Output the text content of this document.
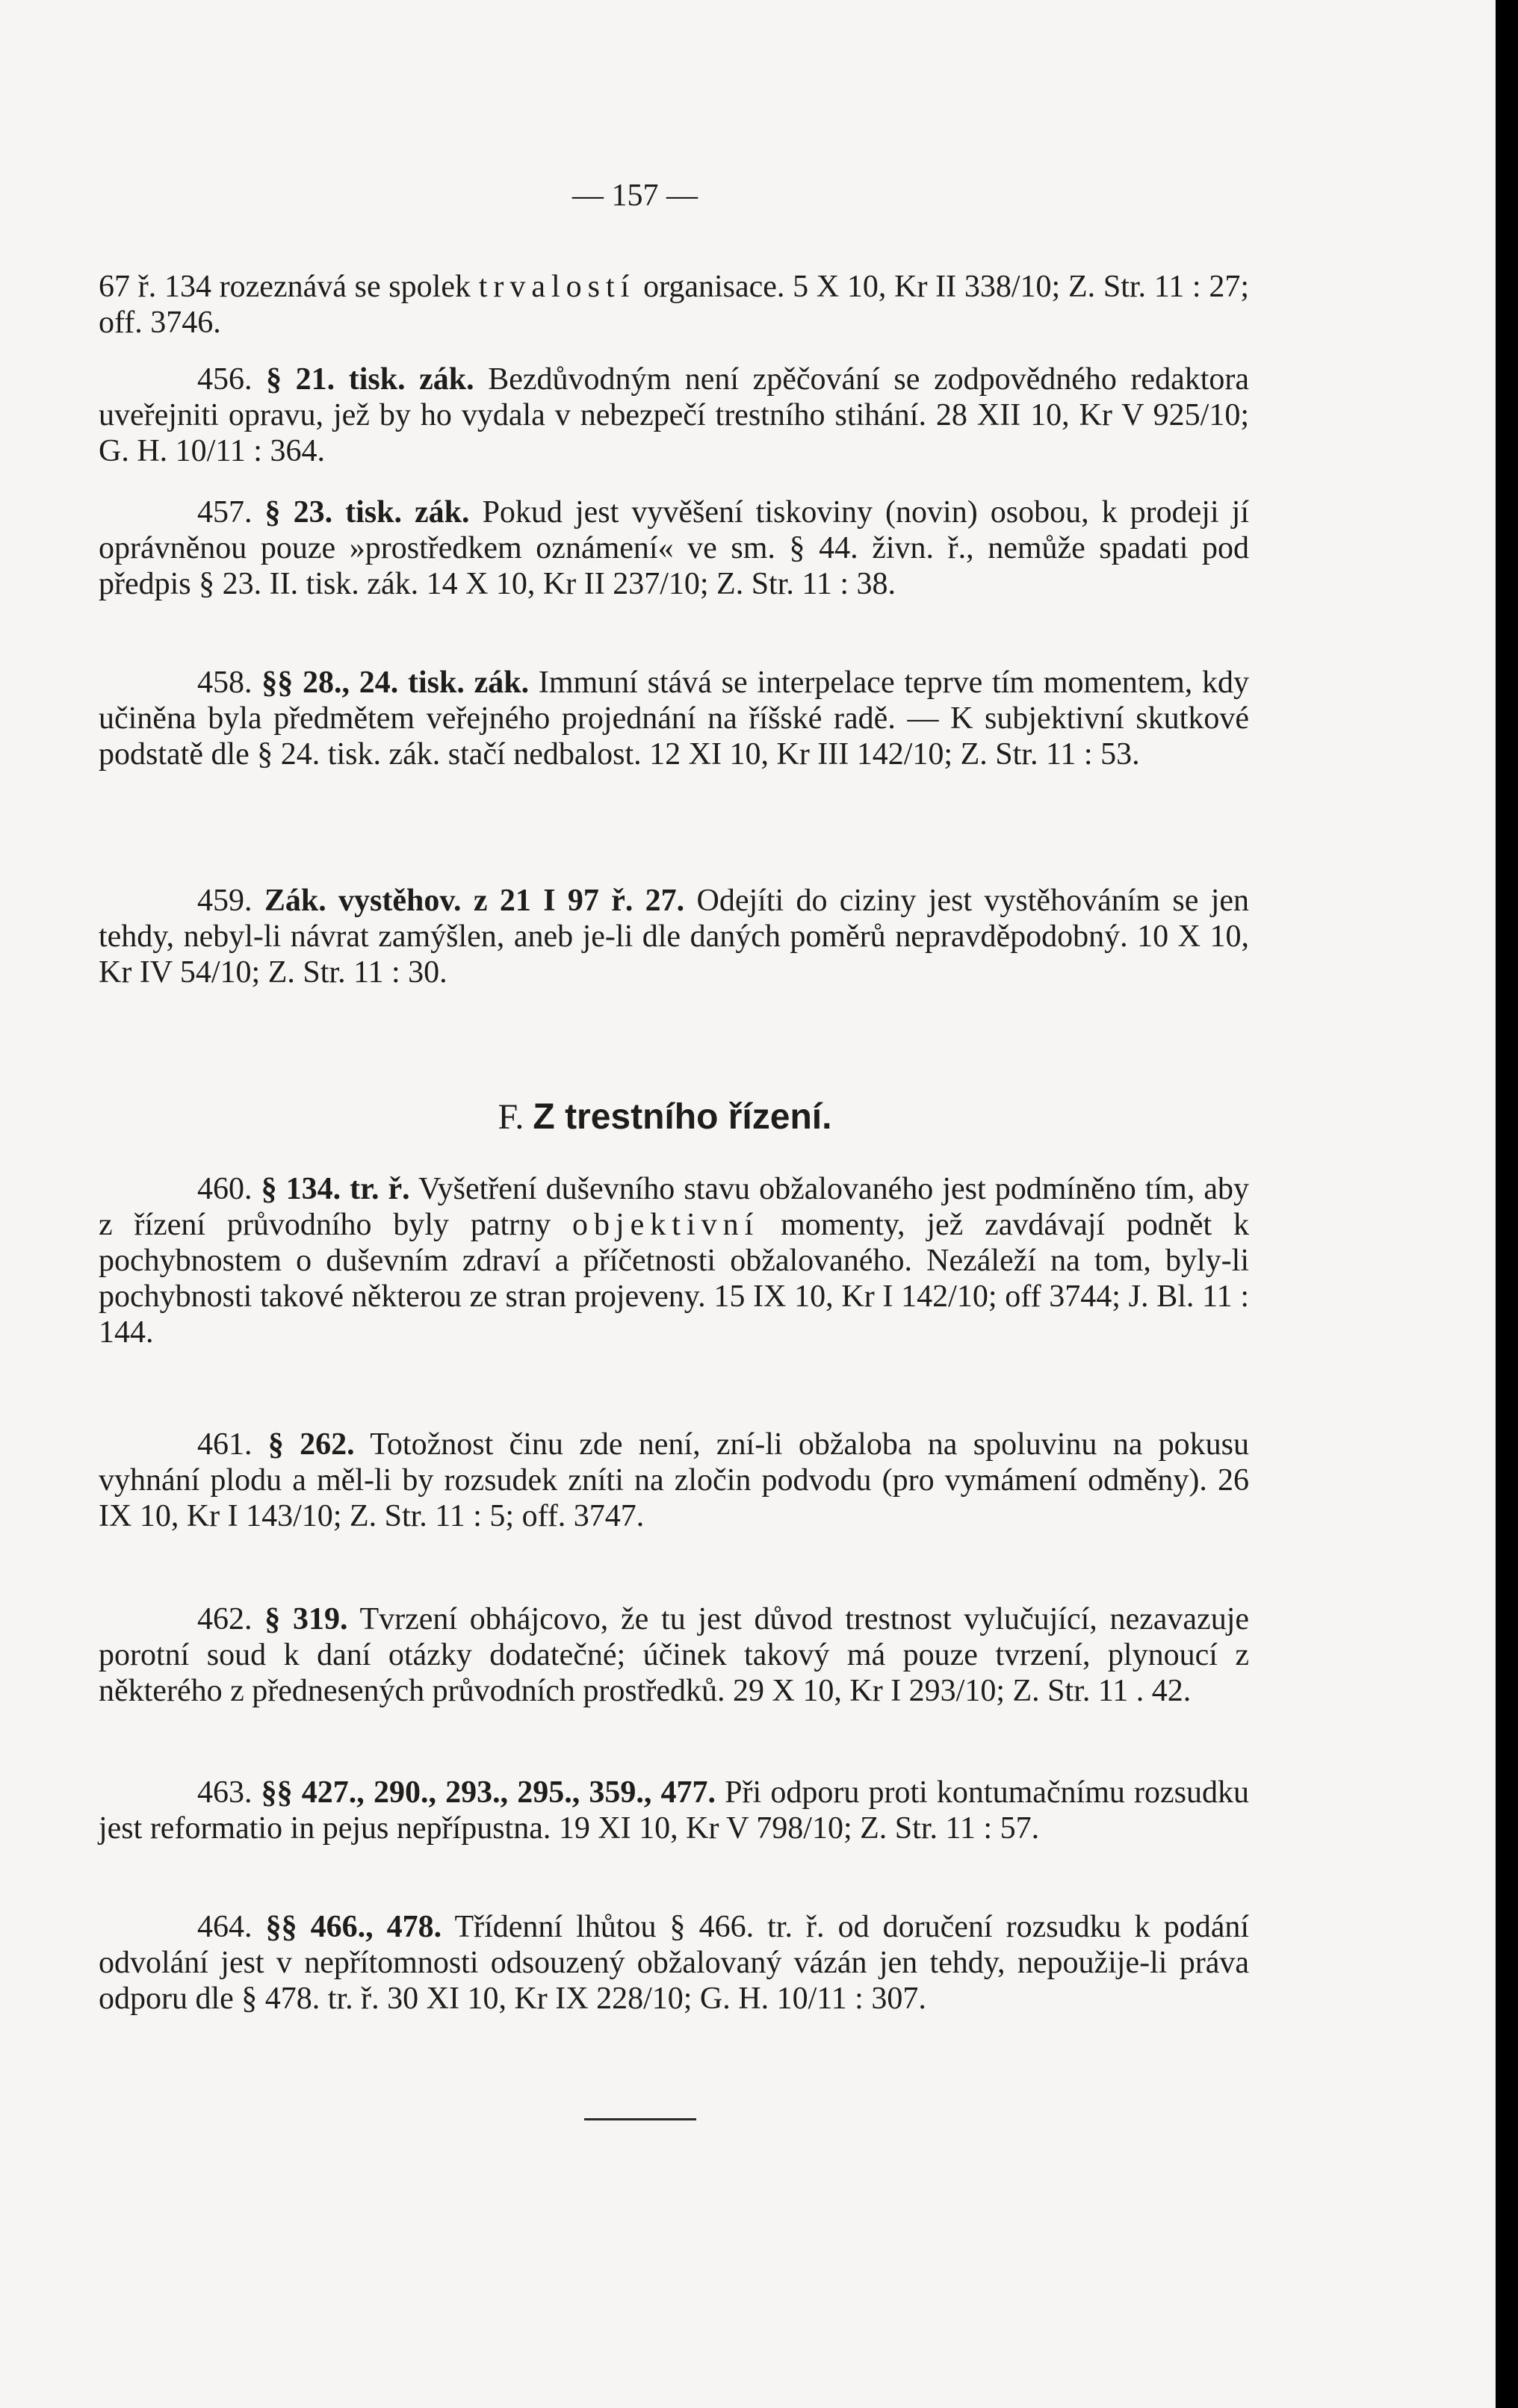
— 157 —
67 ř. 134 rozeznává se spolek trvalostí organisace. 5 X 10, Kr II 338/10; Z. Str. 11 : 27; off. 3746.
456. § 21. tisk. zák. Bezdůvodným není zpěčování se zodpovědného redaktora uveřejniti opravu, jež by ho vydala v nebezpečí trestního stihání. 28 XII 10, Kr V 925/10; G. H. 10/11 : 364.
457. § 23. tisk. zák. Pokud jest vyvěšení tiskoviny (novin) osobou, k prodeji jí oprávněnou pouze »prostředkem oznámení« ve sm. § 44. živn. ř., nemůže spadati pod předpis § 23. II. tisk. zák. 14 X 10, Kr II 237/10; Z. Str. 11 : 38.
458. §§ 28., 24. tisk. zák. Immuní stává se interpelace teprve tím momentem, kdy učiněna byla předmětem veřejného projednání na říšské radě. — K subjektivní skutkové podstatě dle § 24. tisk. zák. stačí nedbalost. 12 XI 10, Kr III 142/10; Z. Str. 11 : 53.
459. Zák. vystěhov. z 21 I 97 ř. 27. Odejíti do ciziny jest vystěhováním se jen tehdy, nebyl-li návrat zamýšlen, aneb je-li dle daných poměrů nepravděpodobný. 10 X 10, Kr IV 54/10; Z. Str. 11 : 30.
F. Z trestního řízení.
460. § 134. tr. ř. Vyšetření duševního stavu obžalovaného jest podmíněno tím, aby z řízení průvodního byly patrny objektivní momenty, jež zavdávají podnět k pochybnostem o duševním zdraví a příčetnosti obžalovaného. Nezáleží na tom, byly-li pochybnosti takové některou ze stran projeveny. 15 IX 10, Kr I 142/10; off 3744; J. Bl. 11 : 144.
461. § 262. Totožnost činu zde není, zní-li obžaloba na spoluvinu na pokusu vyhnání plodu a měl-li by rozsudek zníti na zločin podvodu (pro vymámení odměny). 26 IX 10, Kr I 143/10; Z. Str. 11 : 5; off. 3747.
462. § 319. Tvrzení obhájcovo, že tu jest důvod trestnost vylučující, nezavazuje porotní soud k daní otázky dodatečné; účinek takový má pouze tvrzení, plynoucí z některého z přednesených průvodních prostředků. 29 X 10, Kr I 293/10; Z. Str. 11 . 42.
463. §§ 427., 290., 293., 295., 359., 477. Při odporu proti kontumačnímu rozsudku jest reformatio in pejus nepřípustna. 19 XI 10, Kr V 798/10; Z. Str. 11 : 57.
464. §§ 466., 478. Třídenní lhůtou § 466. tr. ř. od doručení rozsudku k podání odvolání jest v nepřítomnosti odsouzený obžalovaný vázán jen tehdy, nepoužije-li práva odporu dle § 478. tr. ř. 30 XI 10, Kr IX 228/10; G. H. 10/11 : 307.
